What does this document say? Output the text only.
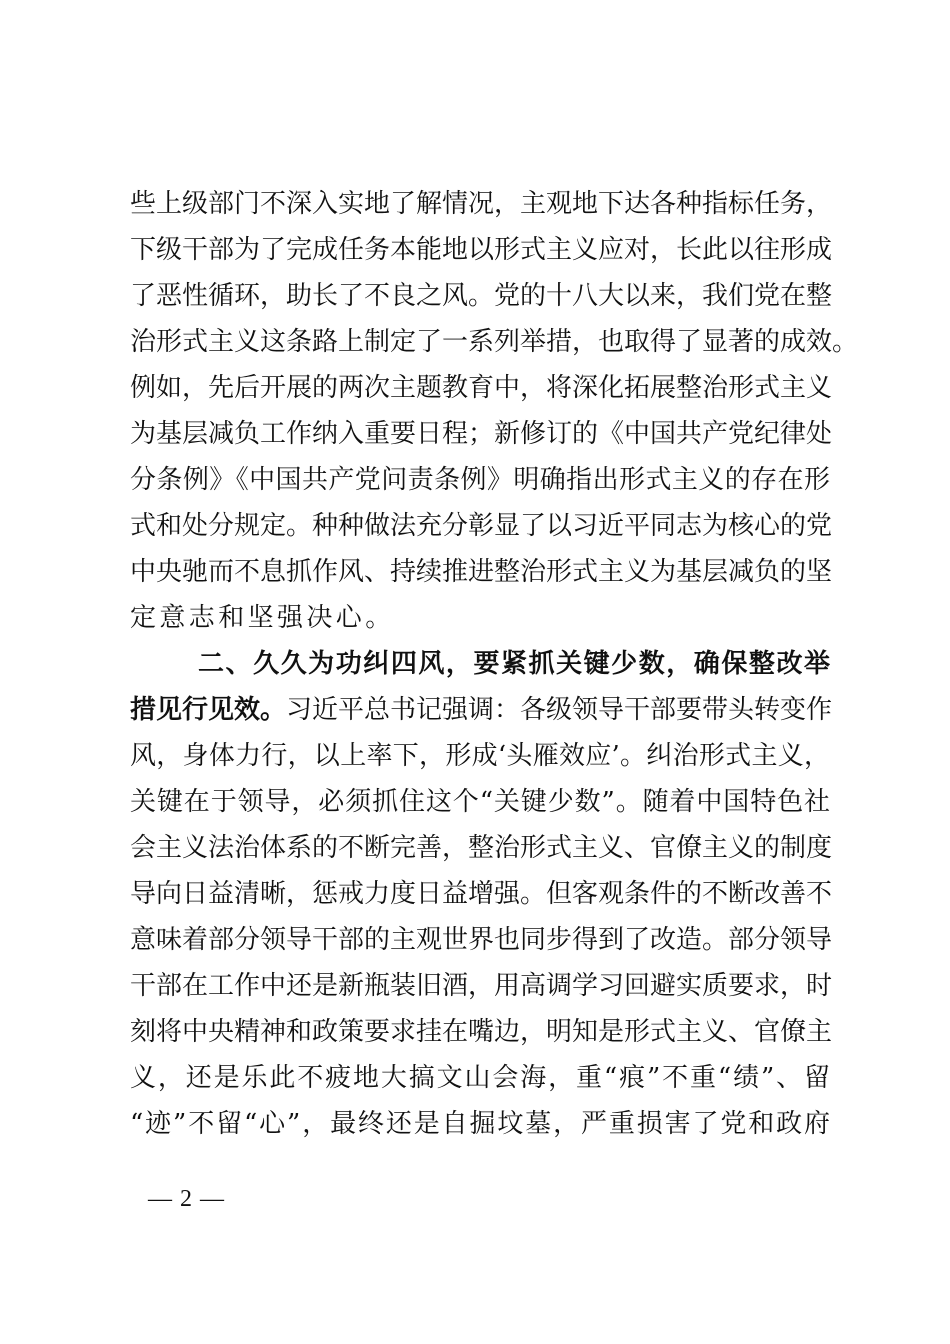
些上级部门不深入实地了解情况，主观地下达各种指标任务，
下级干部为了完成任务本能地以形式主义应对，长此以往形成
了恶性循环，助长了不良之风。党的十八大以来，我们党在整
治形式主义这条路上制定了一系列举措，也取得了显著的成效。
例如，先后开展的两次主题教育中，将深化拓展整治形式主义
为基层减负工作纳入重要日程；新修订的《中国共产党纪律处
分条例》《中国共产党问责条例》明确指出形式主义的存在形
式和处分规定。种种做法充分彰显了以习近平同志为核心的党
中央驰而不息抓作风、持续推进整治形式主义为基层减负的坚
定意志和坚强决心。
二、久久为功纠四风，要紧抓关键少数，确保整改举
措见行见效。习近平总书记强调：各级领导干部要带头转变作
风，身体力行，以上率下，形成‘头雁效应’。纠治形式主义，
关键在于领导，必须抓住这个“关键少数”。随着中国特色社
会主义法治体系的不断完善，整治形式主义、官僚主义的制度
导向日益清晰，惩戒力度日益增强。但客观条件的不断改善不
意味着部分领导干部的主观世界也同步得到了改造。部分领导
干部在工作中还是新瓶装旧酒，用高调学习回避实质要求，时
刻将中央精神和政策要求挂在嘴边，明知是形式主义、官僚主
义，还是乐此不疲地大搞文山会海，重“痕”不重“绩”、留
“迹”不留“心”，最终还是自掘坟墓，严重损害了党和政府
— 2 —
